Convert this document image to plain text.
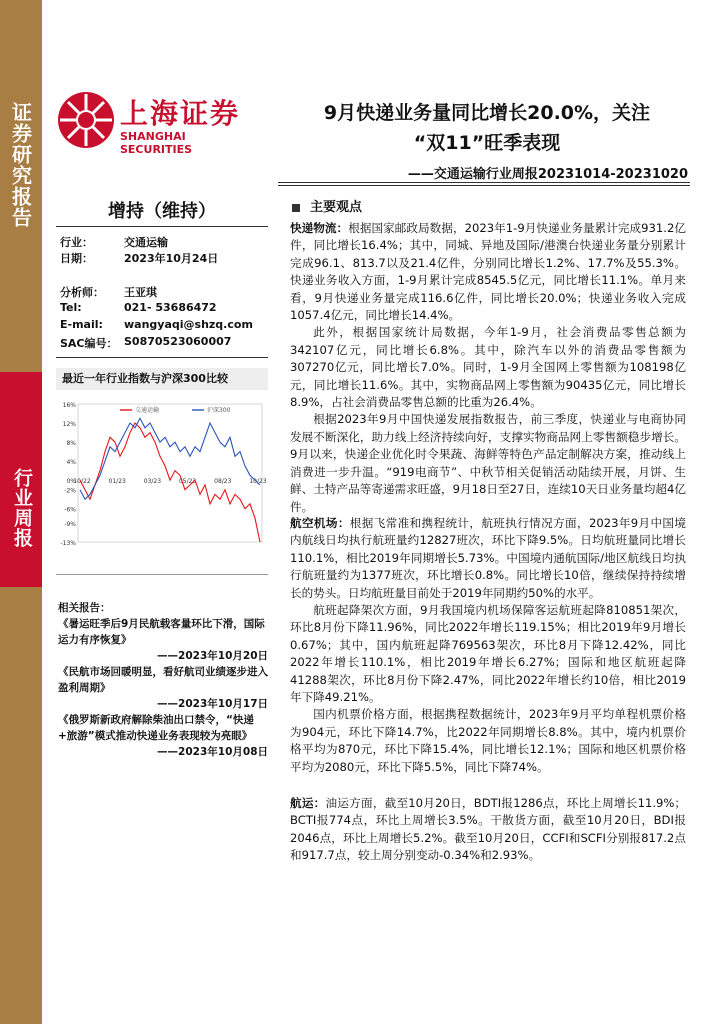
证券研究报告
行业周报
上海证券
SHANGHAI SECURITIES
9月快递业务量同比增长20.0%，关注
“双11”旺季表现
——交通运输行业周报20231014-20231020
增持（维持）
行业：	交通运输
日期：	2023年10月24日
分析师：	王亚琪
Tel:	021- 53686472
E-mail:	wangyaqi@shzq.com
SAC编号： S0870523060007
最近一年行业指数与沪深300比较
16%
12%
8%
4%
0%
-2%
-6%
-9%
-13%
10/22	01/23	03/23	05/23	08/23	10/23
交通运输	沪深300
相关报告：
《暑运旺季后9月民航载客量环比下滑，国际运力有序恢复》
——2023年10月20日
《民航市场回暖明显，看好航司业绩逐步进入盈利周期》
——2023年10月17日
《俄罗斯新政府解除柴油出口禁令，“快递+旅游”模式推动快递业务表现较为亮眼》
——2023年10月08日
主要观点

快递物流：根据国家邮政局数据，2023年1-9月快递业务量累计完成931.2亿件，同比增长16.4%；其中，同城、异地及国际/港澳台快递业务量分别累计完成96.1、813.7以及21.4亿件，分别同比增长1.2%、17.7%及55.3%。快递业务收入方面，1-9月累计完成8545.5亿元，同比增长11.1%。单月来看，9月快递业务量完成116.6亿件，同比增长20.0%；快递业务收入完成1057.4亿元，同比增长14.4%。

此外，根据国家统计局数据，今年1-9月，社会消费品零售总额为342107亿元，同比增长6.8%。其中，除汽车以外的消费品零售额为307270亿元，同比增长7.0%。同时，1-9月全国网上零售额为108198亿元，同比增长11.6%。其中，实物商品网上零售额为90435亿元，同比增长8.9%，占社会消费品零售总额的比重为26.4%。

根据2023年9月中国快递发展指数报告，前三季度，快递业与电商协同发展不断深化，助力线上经济持续向好，支撑实物商品网上零售额稳步增长。9月以来，快递企业优化时令果蔬、海鲜等特色产品定制解决方案，推动线上消费进一步升温。“919电商节”、中秋节相关促销活动陆续开展，月饼、生鲜、土特产品等寄递需求旺盛，9月18日至27日，连续10天日业务量均超4亿件。

航空机场：根据飞常准和携程统计，航班执行情况方面，2023年9月中国境内航线日均执行航班量约12827班次，环比下降9.5%。日均航班量同比增长110.1%，相比2019年同期增长5.73%。中国境内通航国际/地区航线日均执行航班量约为1377班次，环比增长0.8%。同比增长10倍，继续保持持续增长的势头。日均航班量目前处于2019年同期约50%的水平。

航班起降架次方面，9月我国境内机场保障客运航班起降810851架次，环比8月份下降11.96%，同比2022年增长119.15%；相比2019年9月增长0.67%；其中，国内航班起降769563架次，环比8月下降12.42%，同比2022年增长110.1%，相比2019年增长6.27%；国际和地区航班起降41288架次，环比8月份下降2.47%，同比2022年增长约10倍，相比2019年下降49.21%。

国内机票价格方面，根据携程数据统计，2023年9月平均单程机票价格为904元，环比下降14.7%，比2022年同期增长8.8%。其中，境内机票价格平均为870元，环比下降15.4%，同比增长12.1%；国际和地区机票价格平均为2080元，环比下降5.5%，同比下降74%。

航运：油运方面，截至10月20日，BDTI报1286点，环比上周增长11.9%；BCTI报774点，环比上周增长3.5%。干散货方面，截至10月20日，BDI报2046点，环比上周增长5.2%。截至10月20日，CCFI和SCFI分别报817.2点和917.7点，较上周分别变动-0.34%和2.93%。
